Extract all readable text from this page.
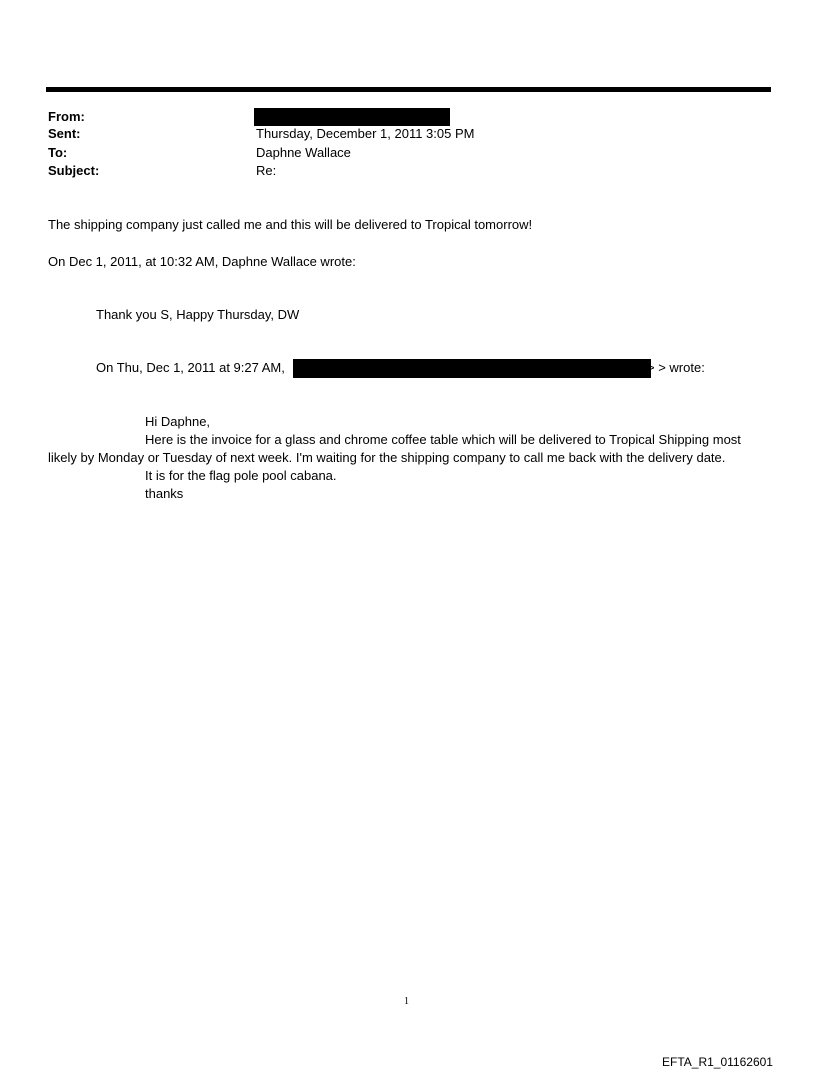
From:
Sent:	Thursday, December 1, 2011 3:05 PM
To:	Daphne Wallace
Subject:	Re:
The shipping company just called me and this will be delivered to Tropical tomorrow!
On Dec 1, 2011, at 10:32 AM, Daphne Wallace wrote:
Thank you S, Happy Thursday, DW
On Thu, Dec 1, 2011 at 9:27 AM,	> > wrote:
Hi Daphne,
Here is the invoice for a glass and chrome coffee table which will be delivered to Tropical Shipping most
likely by Monday or Tuesday of next week. I'm waiting for the shipping company to call me back with the delivery date.
It is for the flag pole pool cabana.
thanks
1
EFTA_R1_01162601
